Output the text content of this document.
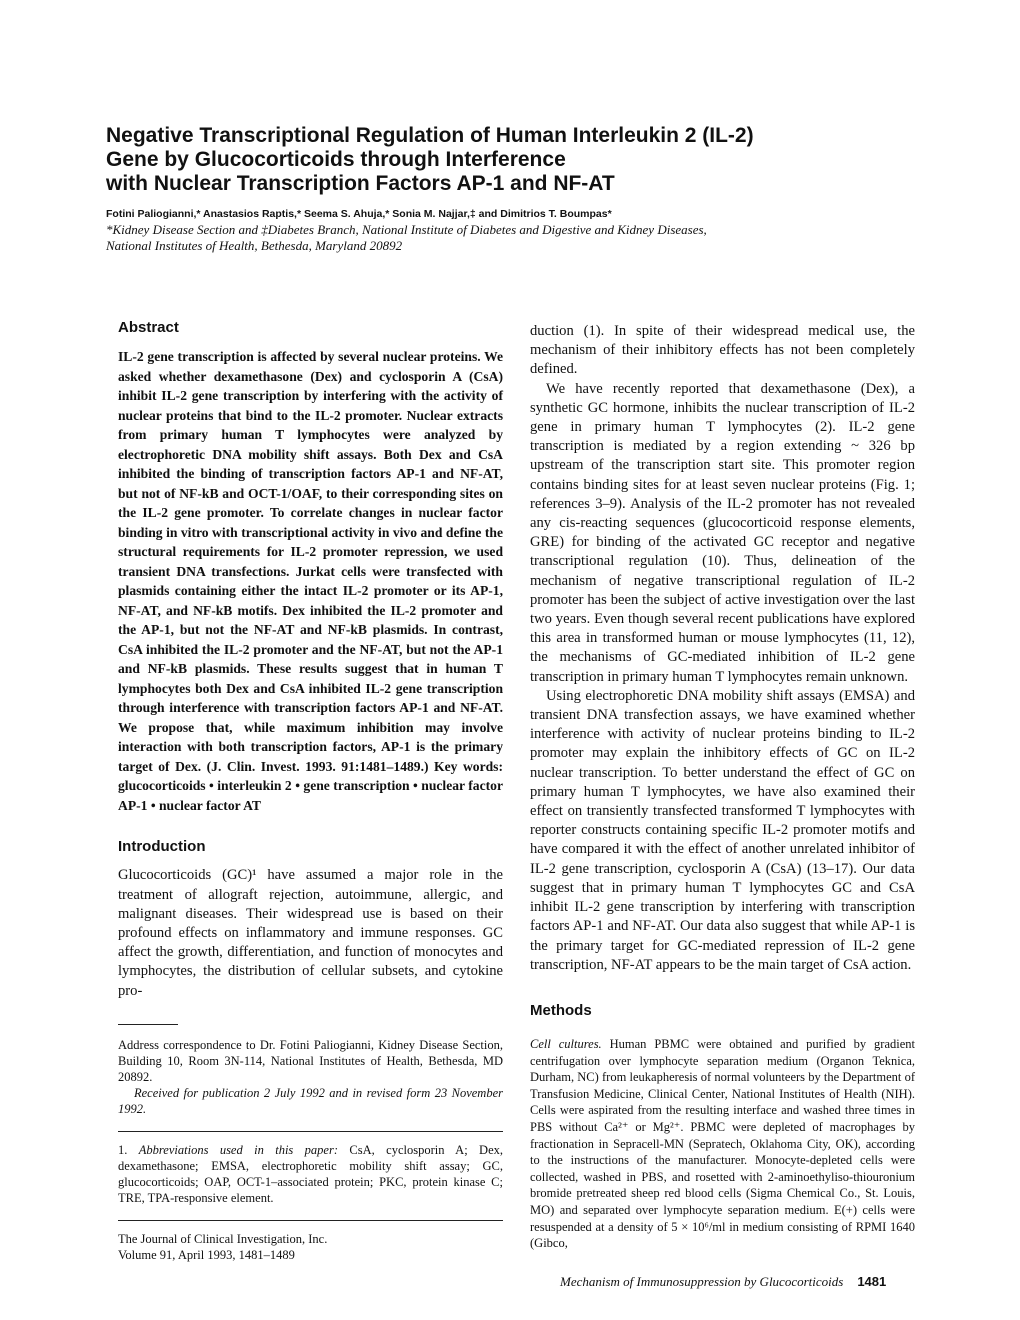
Negative Transcriptional Regulation of Human Interleukin 2 (IL-2)
Gene by Glucocorticoids through Interference
with Nuclear Transcription Factors AP-1 and NF-AT
Fotini Paliogianni,* Anastasios Raptis,* Seema S. Ahuja,* Sonia M. Najjar,‡ and Dimitrios T. Boumpas*
*Kidney Disease Section and ‡Diabetes Branch, National Institute of Diabetes and Digestive and Kidney Diseases,
National Institutes of Health, Bethesda, Maryland 20892
Abstract

IL-2 gene transcription is affected by several nuclear proteins. We asked whether dexamethasone (Dex) and cyclosporin A (CsA) inhibit IL-2 gene transcription by interfering with the activity of nuclear proteins that bind to the IL-2 promoter. Nuclear extracts from primary human T lymphocytes were analyzed by electrophoretic DNA mobility shift assays. Both Dex and CsA inhibited the binding of transcription factors AP-1 and NF-AT, but not of NF-kB and OCT-1/OAF, to their corresponding sites on the IL-2 gene promoter. To correlate changes in nuclear factor binding in vitro with transcriptional activity in vivo and define the structural requirements for IL-2 promoter repression, we used transient DNA transfections. Jurkat cells were transfected with plasmids containing either the intact IL-2 promoter or its AP-1, NF-AT, and NF-kB motifs. Dex inhibited the IL-2 promoter and the AP-1, but not the NF-AT and NF-kB plasmids. In contrast, CsA inhibited the IL-2 promoter and the NF-AT, but not the AP-1 and NF-kB plasmids. These results suggest that in human T lymphocytes both Dex and CsA inhibited IL-2 gene transcription through interference with transcription factors AP-1 and NF-AT. We propose that, while maximum inhibition may involve interaction with both transcription factors, AP-1 is the primary target of Dex. (J. Clin. Invest. 1993. 91:1481–1489.) Key words: glucocorticoids • interleukin 2 • gene transcription • nuclear factor AP-1 • nuclear factor AT

Introduction

Glucocorticoids (GC)¹ have assumed a major role in the treatment of allograft rejection, autoimmune, allergic, and malignant diseases. Their widespread use is based on their profound effects on inflammatory and immune responses. GC affect the growth, differentiation, and function of monocytes and lymphocytes, the distribution of cellular subsets, and cytokine pro-

Address correspondence to Dr. Fotini Paliogianni, Kidney Disease Section, Building 10, Room 3N-114, National Institutes of Health, Bethesda, MD 20892.

Received for publication 2 July 1992 and in revised form 23 November 1992.

1. Abbreviations used in this paper: CsA, cyclosporin A; Dex, dexamethasone; EMSA, electrophoretic mobility shift assay; GC, glucocorticoids; OAP, OCT-1–associated protein; PKC, protein kinase C; TRE, TPA-responsive element.

The Journal of Clinical Investigation, Inc.

Volume 91, April 1993, 1481–1489

duction (1). In spite of their widespread medical use, the mechanism of their inhibitory effects has not been completely defined.

We have recently reported that dexamethasone (Dex), a synthetic GC hormone, inhibits the nuclear transcription of IL-2 gene in primary human T lymphocytes (2). IL-2 gene transcription is mediated by a region extending ~ 326 bp upstream of the transcription start site. This promoter region contains binding sites for at least seven nuclear proteins (Fig. 1; references 3–9). Analysis of the IL-2 promoter has not revealed any cis-reacting sequences (glucocorticoid response elements, GRE) for binding of the activated GC receptor and negative transcriptional regulation (10). Thus, delineation of the mechanism of negative transcriptional regulation of IL-2 promoter has been the subject of active investigation over the last two years. Even though several recent publications have explored this area in transformed human or mouse lymphocytes (11, 12), the mechanisms of GC-mediated inhibition of IL-2 gene transcription in primary human T lymphocytes remain unknown.

Using electrophoretic DNA mobility shift assays (EMSA) and transient DNA transfection assays, we have examined whether interference with activity of nuclear proteins binding to IL-2 promoter may explain the inhibitory effects of GC on IL-2 nuclear transcription. To better understand the effect of GC on primary human T lymphocytes, we have also examined their effect on transiently transfected transformed T lymphocytes with reporter constructs containing specific IL-2 promoter motifs and have compared it with the effect of another unrelated inhibitor of IL-2 gene transcription, cyclosporin A (CsA) (13–17). Our data suggest that in primary human T lymphocytes GC and CsA inhibit IL-2 gene transcription by interfering with transcription factors AP-1 and NF-AT. Our data also suggest that while AP-1 is the primary target for GC-mediated repression of IL-2 gene transcription, NF-AT appears to be the main target of CsA action.

Methods

Cell cultures. Human PBMC were obtained and purified by gradient centrifugation over lymphocyte separation medium (Organon Teknica, Durham, NC) from leukapheresis of normal volunteers by the Department of Transfusion Medicine, Clinical Center, National Institutes of Health (NIH). Cells were aspirated from the resulting interface and washed three times in PBS without Ca²⁺ or Mg²⁺. PBMC were depleted of macrophages by fractionation in Sepracell-MN (Sepratech, Oklahoma City, OK), according to the instructions of the manufacturer. Monocyte-depleted cells were collected, washed in PBS, and rosetted with 2-aminoethyliso-thiouronium bromide pretreated sheep red blood cells (Sigma Chemical Co., St. Louis, MO) and separated over lymphocyte separation medium. E(+) cells were resuspended at a density of 5 × 10⁶/ml in medium consisting of RPMI 1640 (Gibco,

Mechanism of Immunosuppression by Glucocorticoids 1481
